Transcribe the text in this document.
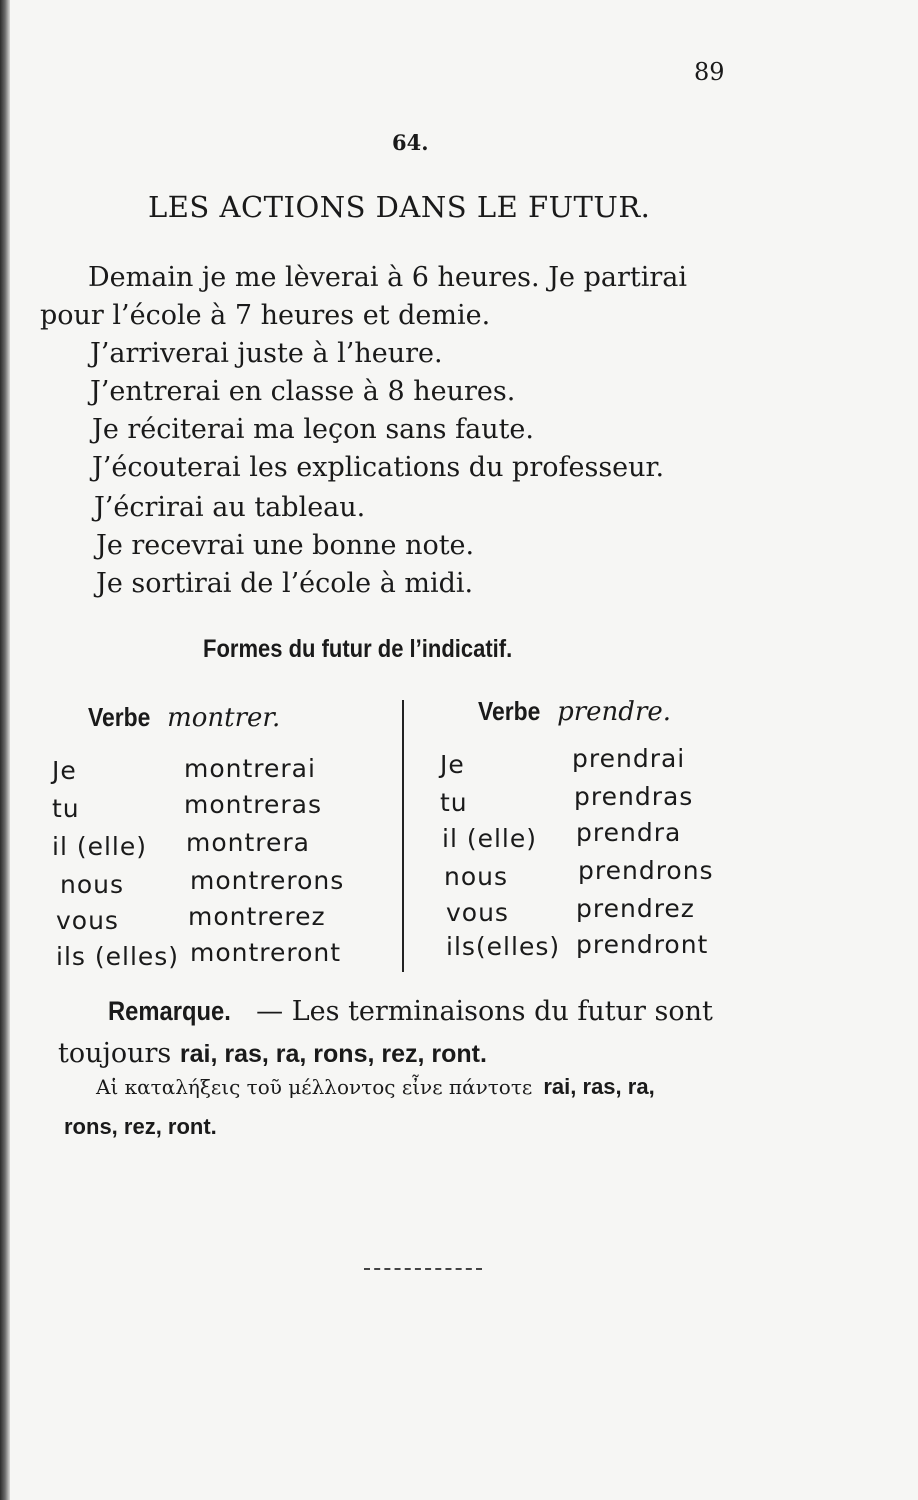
89
64.
LES ACTIONS DANS LE FUTUR.
Demain je me lèverai à 6 heures. Je partirai
pour l’école à 7 heures et demie.
J’arriverai juste à l’heure.
J’entrerai en classe à 8 heures.
Je réciterai ma leçon sans faute.
J’écouterai les explications du professeur.
J’écrirai au tableau.
Je recevrai une bonne note.
Je sortirai de l’école à midi.
Formes du futur de l’indicatif.
Verbe montrer.
Je	montrerai
tu	montreras
il (elle) montrera
nous	montrerons
vous	montrerez
ils (elles) montreront
Verbe prendre.
Je	prendrai
tu	prendras
il (elle) prendra
nous	prendrons
vous	prendrez
ils(elles) prendront
Remarque. — Les terminaisons du futur sont
toujours rai, ras, ra, rons, rez, ront.
Αἱ καταλήξεις τοῦ μέλλοντος εἶνε πάντοτε rai, ras, ra,
rons, rez, ront.
